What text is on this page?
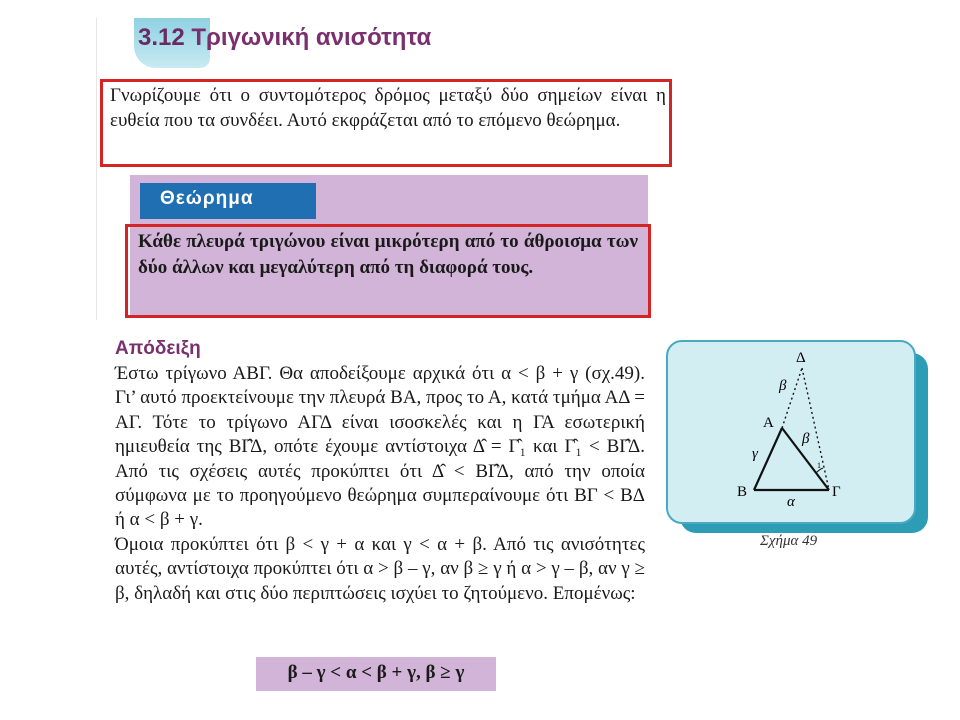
3.12 Τριγωνική ανισότητα
Γνωρίζουμε ότι ο συντομότερος δρόμος μεταξύ δύο σημείων είναι η ευθεία που τα συνδέει. Αυτό εκφράζεται από το επόμενο θεώρημα.
Θεώρημα
Κάθε πλευρά τριγώνου είναι μικρότερη από το άθροισμα των δύο άλλων και μεγαλύτερη από τη διαφορά τους.
Απόδειξη

Έστω τρίγωνο ΑΒΓ. Θα αποδείξουμε αρχικά ότι α < β + γ (σχ.49). Γι’ αυτό προεκτείνουμε την πλευρά ΒΑ, προς το Α, κατά τμήμα ΑΔ = ΑΓ. Τότε το τρίγωνο ΑΓΔ είναι ισοσκελές και η ΓΑ εσωτερική ημιευθεία της ΒΓ̂Δ, οπότε έχουμε αντίστοιχα Δ̂ = Γ̂₁ και Γ̂₁ < ΒΓ̂Δ. Από τις σχέσεις αυτές προκύπτει ότι Δ̂ < ΒΓ̂Δ, από την οποία σύμφωνα με το προηγούμενο θεώρημα συμπεραίνουμε ότι ΒΓ < ΒΔ ή α < β + γ.

Όμοια προκύπτει ότι β < γ + α και γ < α + β. Από τις ανισότητες αυτές, αντίστοιχα προκύπτει ότι α > β – γ, αν β ≥ γ ή α > γ – β, αν γ ≥ β, δηλαδή και στις δύο περιπτώσεις ισχύει το ζητούμενο. Επομένως:

β – γ < α < β + γ, β ≥ γ
Δ
Α
Β	Γ
β
β
γ
α
1
Σχήμα 49
